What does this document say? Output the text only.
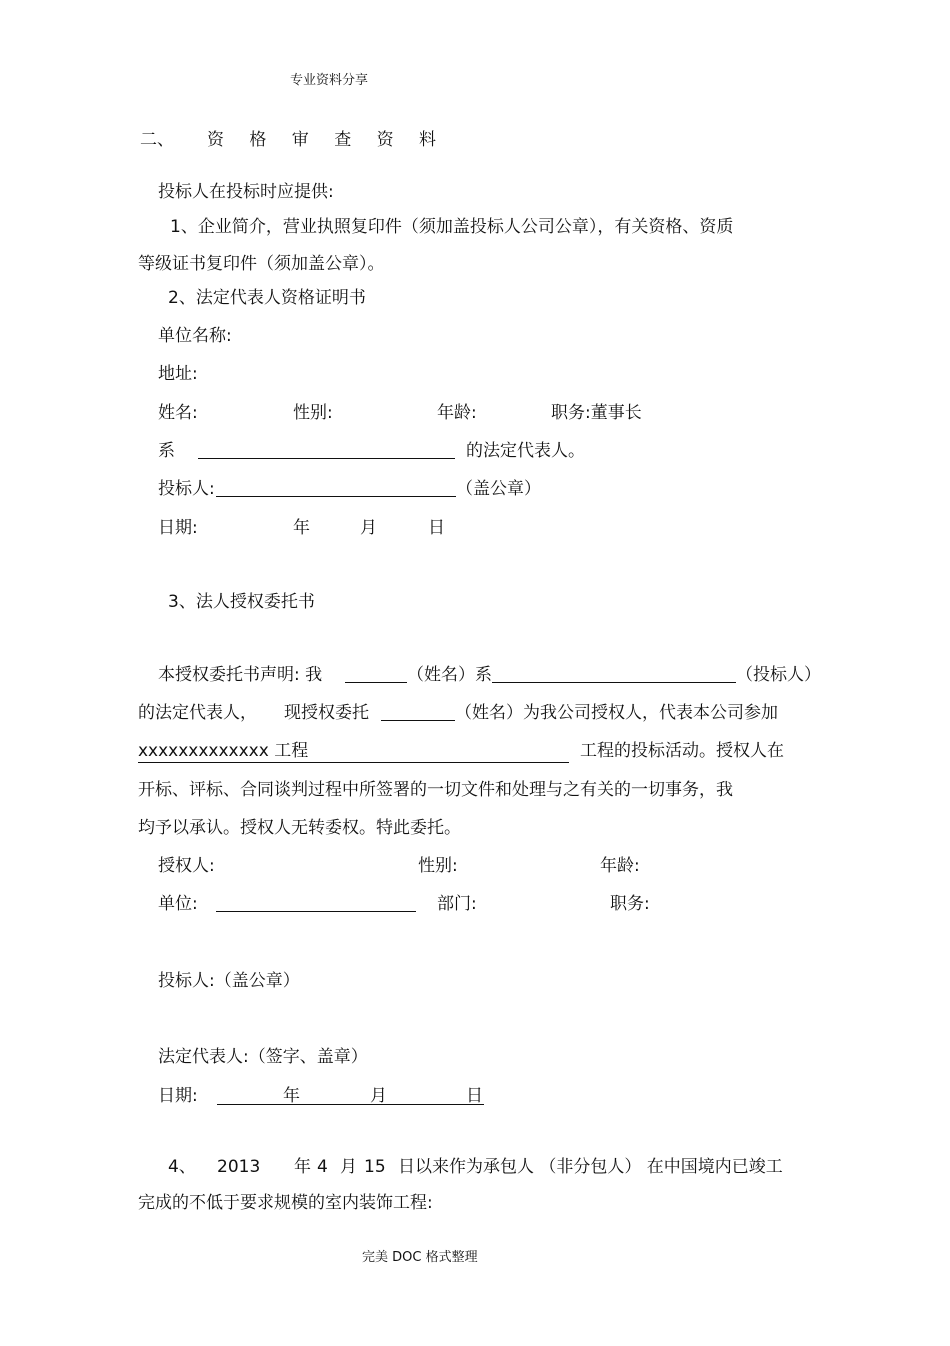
专业资料分享
二、 资 格 审 查 资 料
投标人在投标时应提供:
1、企业简介，营业执照复印件（须加盖投标人公司公章），有关资格、资质
等级证书复印件（须加盖公章）。
2、法定代表人资格证明书
单位名称:
地址:
姓名:	性别:	年龄:	职务:董事长
系	的法定代表人。
投标人:	（盖公章）
日期:	年	月	日
3、法人授权委托书
本授权委托书声明: 我	（姓名）系	（投标人）
的法定代表人， 现授权委托	（姓名）为我公司授权人，代表本公司参加
xxxxxxxxxxxxx 工程	工程的投标活动。授权人在
开标、评标、合同谈判过程中所签署的一切文件和处理与之有关的一切事务，我
均予以承认。授权人无转委权。特此委托。
授权人:	性别:	年龄:
单位:	部门:	职务:
投标人:（盖公章）
法定代表人:（签字、盖章）
日期:	年	月	日
4、 2013 年 4 月 15 日以来作为承包人 （非分包人） 在中国境内已竣工
完成的不低于要求规模的室内装饰工程:
完美 DOC 格式整理
